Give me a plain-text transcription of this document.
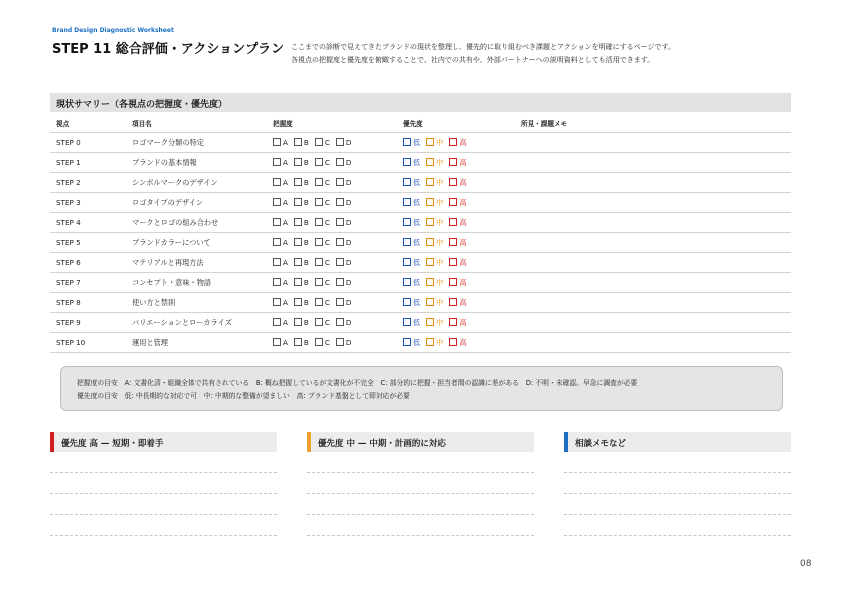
Brand Design Diagnostic Worksheet
STEP 11 総合評価・アクションプラン ここまでの診断で見えてきたブランドの現状を整理し、優先的に取り組むべき課題とアクションを明確にするページです。
各視点の把握度と優先度を俯瞰することで、社内での共有や、外部パートナーへの説明資料としても活用できます。
現状サマリー（各視点の把握度・優先度）
視点	項目名	把握度	優先度	所見・課題メモ
STEP 0	ロゴマーク分類の特定	A B C D	低 中 高	
STEP 1	ブランドの基本情報	A B C D	低 中 高	
STEP 2	シンボルマークのデザイン	A B C D	低 中 高	
STEP 3	ロゴタイプのデザイン	A B C D	低 中 高	
STEP 4	マークとロゴの組み合わせ	A B C D	低 中 高	
STEP 5	ブランドカラーについて	A B C D	低 中 高	
STEP 6	マテリアルと再現方法	A B C D	低 中 高	
STEP 7	コンセプト・意味・物語	A B C D	低 中 高	
STEP 8	使い方と禁則	A B C D	低 中 高	
STEP 9	バリエーションとローカライズ	A B C D	低 中 高	
STEP 10	運用と管理	A B C D	低 中 高	
把握度の目安　A: 文書化済・組織全体で共有されている　B: 概ね把握しているが文書化が不完全　C: 部分的に把握・担当者間の認識に差がある　D: 不明・未確認。早急に調査が必要
優先度の目安　低: 中長期的な対応で可　中: 中期的な整備が望ましい　高: ブランド基盤として即対応が必要
優先度 高 — 短期・即着手	優先度 中 — 中期・計画的に対応	相談メモなど
08
